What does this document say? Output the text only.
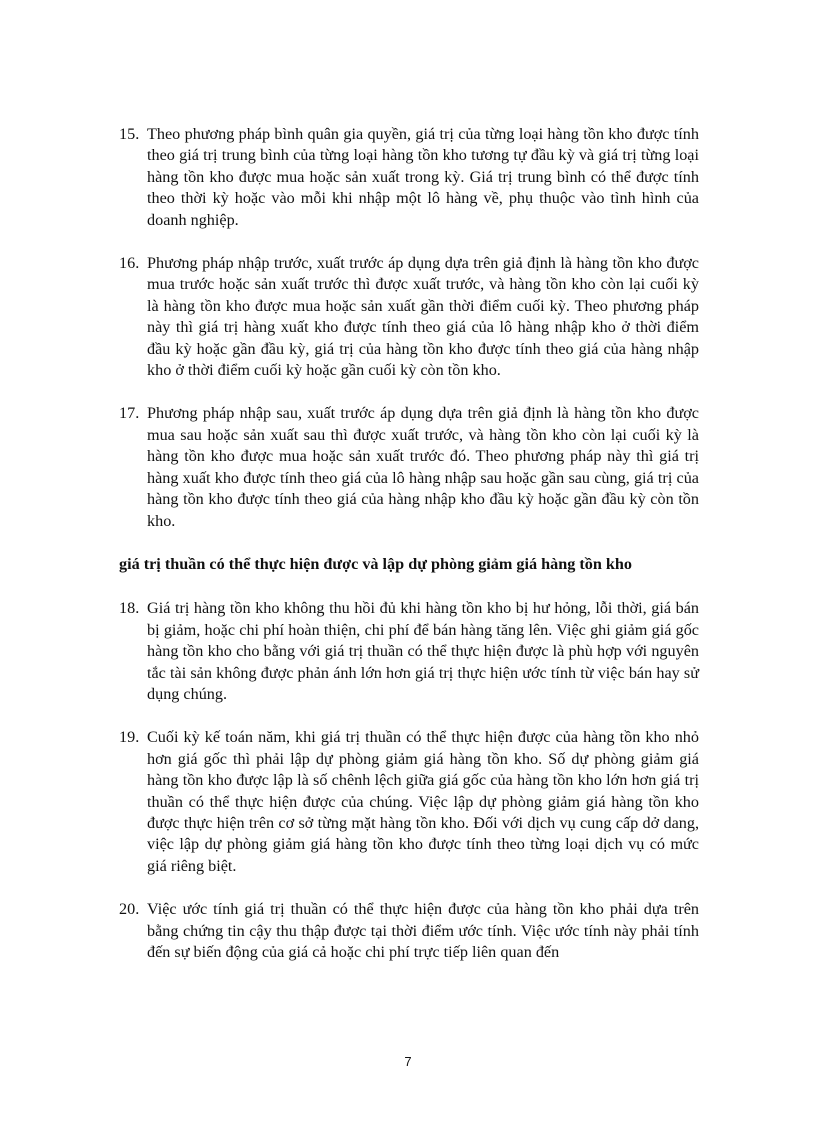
15. Theo phương pháp bình quân gia quyền, giá trị của từng loại hàng tồn kho được tính theo giá trị trung bình của từng loại hàng tồn kho tương tự đầu kỳ và giá trị từng loại hàng tồn kho được mua hoặc sản xuất trong kỳ. Giá trị trung bình có thể được tính theo thời kỳ hoặc vào mỗi khi nhập một lô hàng về, phụ thuộc vào tình hình của doanh nghiệp.
16. Phương pháp nhập trước, xuất trước áp dụng dựa trên giả định là hàng tồn kho được mua trước hoặc sản xuất trước thì được xuất trước, và hàng tồn kho còn lại cuối kỳ là hàng tồn kho được mua hoặc sản xuất gần thời điểm cuối kỳ. Theo phương pháp này thì giá trị hàng xuất kho được tính theo giá của lô hàng nhập kho ở thời điểm đầu kỳ hoặc gần đầu kỳ, giá trị của hàng tồn kho được tính theo giá của hàng nhập kho ở thời điểm cuối kỳ hoặc gần cuối kỳ còn tồn kho.
17. Phương pháp nhập sau, xuất trước áp dụng dựa trên giả định là hàng tồn kho được mua sau hoặc sản xuất sau thì được xuất trước, và hàng tồn kho còn lại cuối kỳ là hàng tồn kho được mua hoặc sản xuất trước đó. Theo phương pháp này thì giá trị hàng xuất kho được tính theo giá của lô hàng nhập sau hoặc gần sau cùng, giá trị của hàng tồn kho được tính theo giá của hàng nhập kho đầu kỳ hoặc gần đầu kỳ còn tồn kho.
giá trị thuần có thể thực hiện được và lập dự phòng giảm giá hàng tồn kho
18. Giá trị hàng tồn kho không thu hồi đủ khi hàng tồn kho bị hư hỏng, lỗi thời, giá bán bị giảm, hoặc chi phí hoàn thiện, chi phí để bán hàng tăng lên. Việc ghi giảm giá gốc hàng tồn kho cho bằng với giá trị thuần có thể thực hiện được là phù hợp với nguyên tắc tài sản không được phản ánh lớn hơn giá trị thực hiện ước tính từ việc bán hay sử dụng chúng.
19. Cuối kỳ kế toán năm, khi giá trị thuần có thể thực hiện được của hàng tồn kho nhỏ hơn giá gốc thì phải lập dự phòng giảm giá hàng tồn kho. Số dự phòng giảm giá hàng tồn kho được lập là số chênh lệch giữa giá gốc của hàng tồn kho lớn hơn giá trị thuần có thể thực hiện được của chúng. Việc lập dự phòng giảm giá hàng tồn kho được thực hiện trên cơ sở từng mặt hàng tồn kho. Đối với dịch vụ cung cấp dở dang, việc lập dự phòng giảm giá hàng tồn kho được tính theo từng loại dịch vụ có mức giá riêng biệt.
20. Việc ước tính giá trị thuần có thể thực hiện được của hàng tồn kho phải dựa trên bằng chứng tin cậy thu thập được tại thời điểm ước tính. Việc ước tính này phải tính đến sự biến động của giá cả hoặc chi phí trực tiếp liên quan đến
7
